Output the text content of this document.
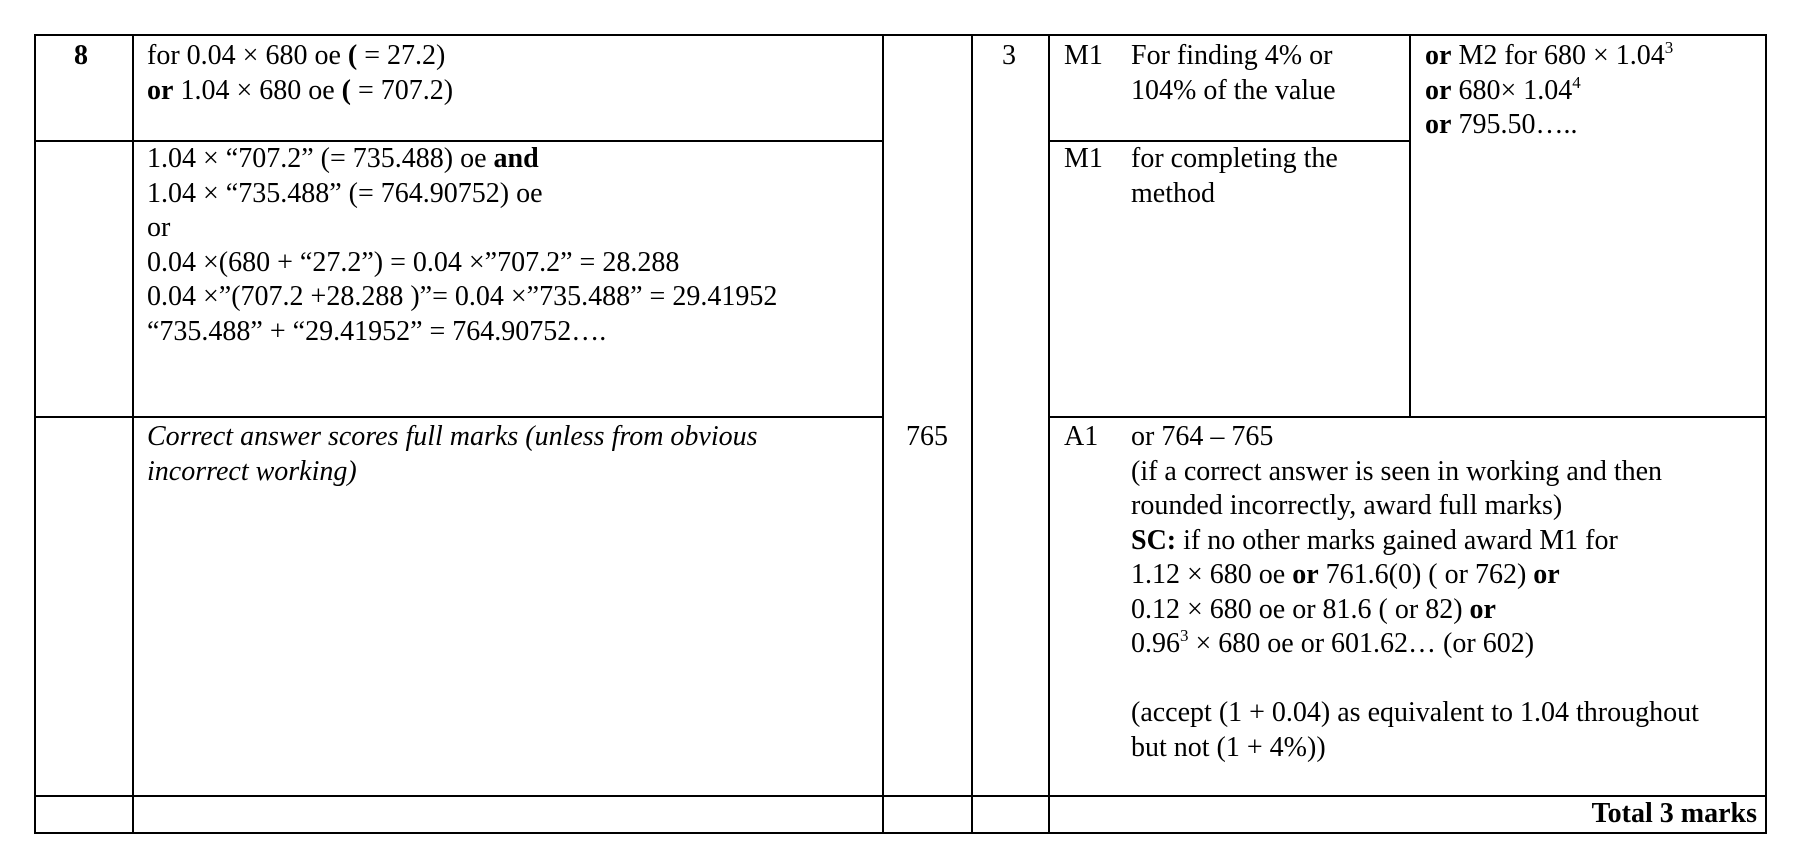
8 for 0.04 × 680 oe ( = 27.2)
or 1.04 × 680 oe ( = 707.2)
1.04 × “707.2” (= 735.488) oe and
1.04 × “735.488” (= 764.90752) oe
or
0.04 ×(680 + “27.2”) = 0.04 ×”707.2” = 28.288
0.04 ×”(707.2 +28.288 )”= 0.04 ×”735.488” = 29.41952
“735.488” + “29.41952” = 764.90752….
Correct answer scores full marks (unless from obvious
incorrect working)
765
3 M1 For finding 4% or
104% of the value
M1 for completing the
method
A1
or M2 for $680 \times 1.04^3$
or $680\times 1.04^4$
or 795.50…..
or 764 – 765
(if a correct answer is seen in working and then
rounded incorrectly, award full marks)
SC: if no other marks gained award M1 for
1.12 × 680 oe or 761.6(0) ( or 762) or
0.12 × 680 oe or 81.6 ( or 82) or
$0.96^3 \times 680$ oe or 601.62… (or 602)
(accept (1 + 0.04) as equivalent to 1.04 throughout
but not (1 + 4%))
Total 3 marks
